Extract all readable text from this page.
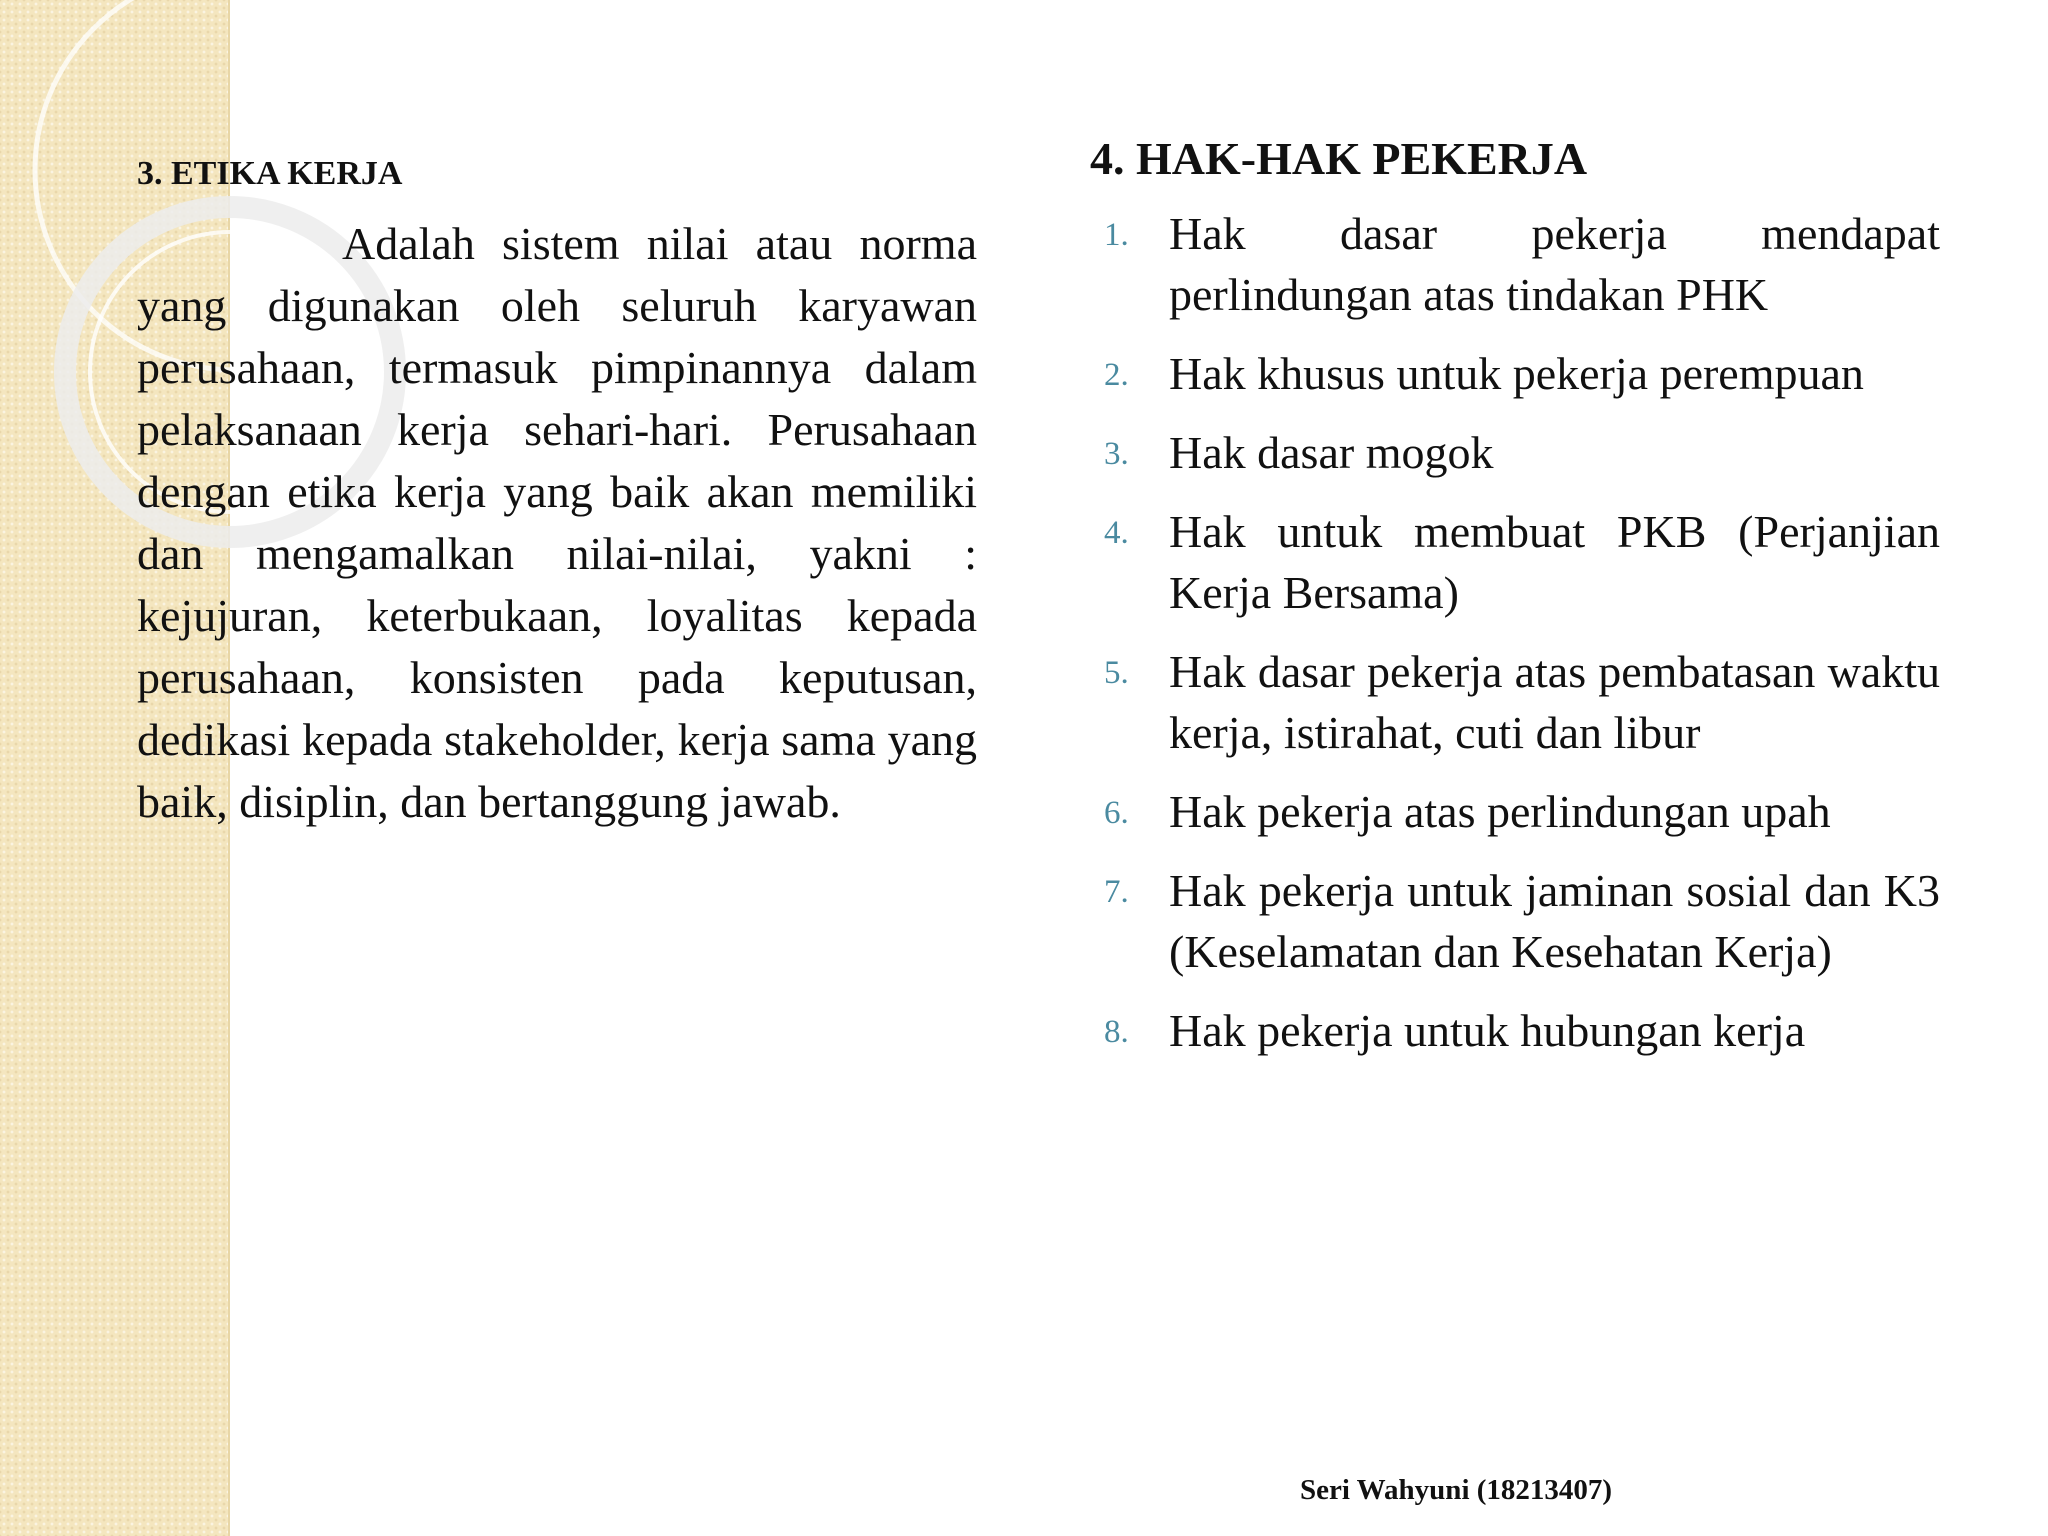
3. ETIKA KERJA

Adalah sistem nilai atau norma yang digunakan oleh seluruh karyawan perusahaan, termasuk pimpinannya dalam pelaksanaan kerja sehari-hari. Perusahaan dengan etika kerja yang baik akan memiliki dan mengamalkan nilai-nilai, yakni : kejujuran, keterbukaan, loyalitas kepada perusahaan, konsisten pada keputusan, dedikasi kepada stakeholder, kerja sama yang baik, disiplin, dan bertanggung jawab.

4. HAK-HAK PEKERJA
1. Hak dasar pekerja mendapat perlindungan atas tindakan PHK
2. Hak khusus untuk pekerja perempuan
3. Hak dasar mogok
4. Hak untuk membuat PKB (Perjanjian Kerja Bersama)
5. Hak dasar pekerja atas pembatasan waktu kerja, istirahat, cuti dan libur
6. Hak pekerja atas perlindungan upah
7. Hak pekerja untuk jaminan sosial dan K3 (Keselamatan dan Kesehatan Kerja)
8. Hak pekerja untuk hubungan kerja
Seri Wahyuni (18213407)
